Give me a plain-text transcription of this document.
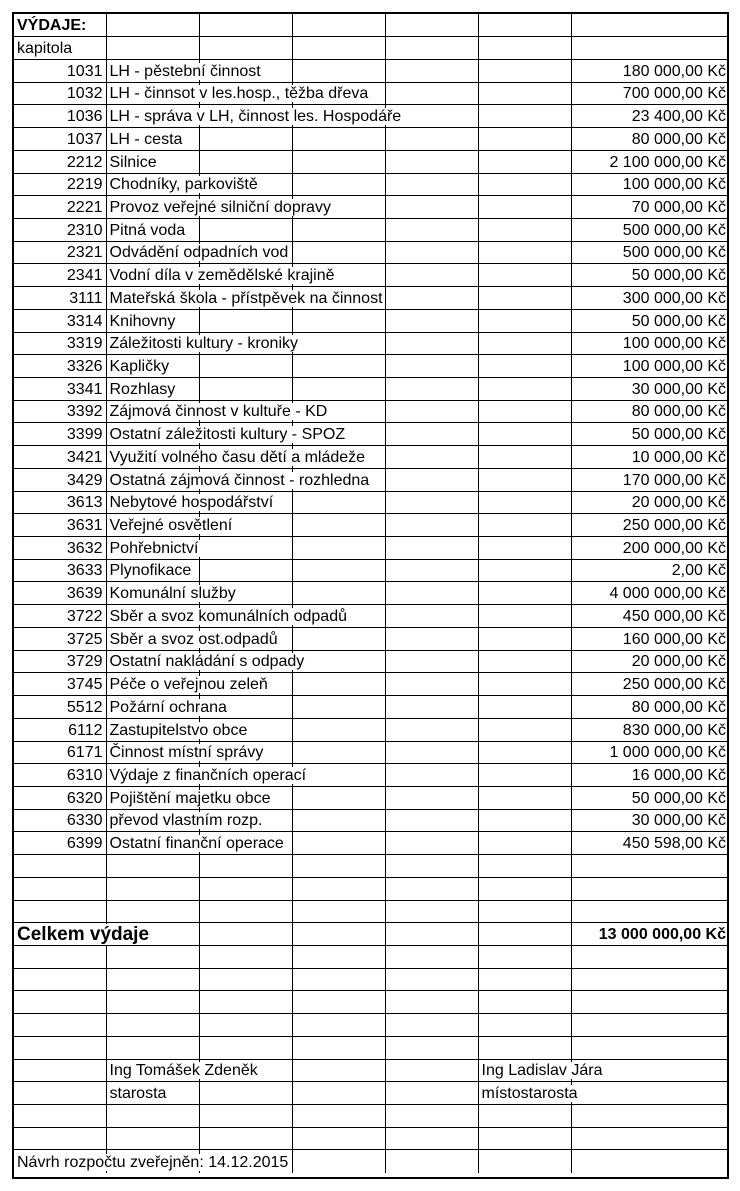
VÝDAJE:						
kapitola						
1031	LH - pěstební činnost					180 000,00 Kč
1032	LH - činnsot v les.hosp., těžba dřeva					700 000,00 Kč
1036	LH - správa v LH, činnost les. Hospodáře					23 400,00 Kč
1037	LH - cesta					80 000,00 Kč
2212	Silnice					2 100 000,00 Kč
2219	Chodníky, parkoviště					100 000,00 Kč
2221	Provoz veřejné silniční dopravy					70 000,00 Kč
2310	Pitná voda					500 000,00 Kč
2321	Odvádění odpadních vod					500 000,00 Kč
2341	Vodní díla v zemědělské krajině					50 000,00 Kč
3111	Mateřská škola - přístpěvek na činnost					300 000,00 Kč
3314	Knihovny					50 000,00 Kč
3319	Záležitosti kultury - kroniky					100 000,00 Kč
3326	Kapličky					100 000,00 Kč
3341	Rozhlasy					30 000,00 Kč
3392	Zájmová činnost v kultuře - KD					80 000,00 Kč
3399	Ostatní záležitosti kultury - SPOZ					50 000,00 Kč
3421	Využití volného času dětí a mládeže					10 000,00 Kč
3429	Ostatná zájmová činnost - rozhledna					170 000,00 Kč
3613	Nebytové hospodářství					20 000,00 Kč
3631	Veřejné osvětlení					250 000,00 Kč
3632	Pohřebnictví					200 000,00 Kč
3633	Plynofikace					2,00 Kč
3639	Komunální služby					4 000 000,00 Kč
3722	Sběr a svoz komunálních odpadů					450 000,00 Kč
3725	Sběr a svoz ost.odpadů					160 000,00 Kč
3729	Ostatní nakládání s odpady					20 000,00 Kč
3745	Péče o veřejnou zeleň					250 000,00 Kč
5512	Požární ochrana					80 000,00 Kč
6112	Zastupitelstvo obce					830 000,00 Kč
6171	Činnost místní správy					1 000 000,00 Kč
6310	Výdaje z finančních operací					16 000,00 Kč
6320	Pojištění majetku obce					50 000,00 Kč
6330	převod vlastním rozp.					30 000,00 Kč
6399	Ostatní finanční operace					450 598,00 Kč

Celkem výdaje						13 000 000,00 Kč

	Ing Tomášek Zdeněk				Ing Ladislav Jára	
	starosta				místostarosta	

Návrh rozpočtu zveřejněn: 14.12.2015						
